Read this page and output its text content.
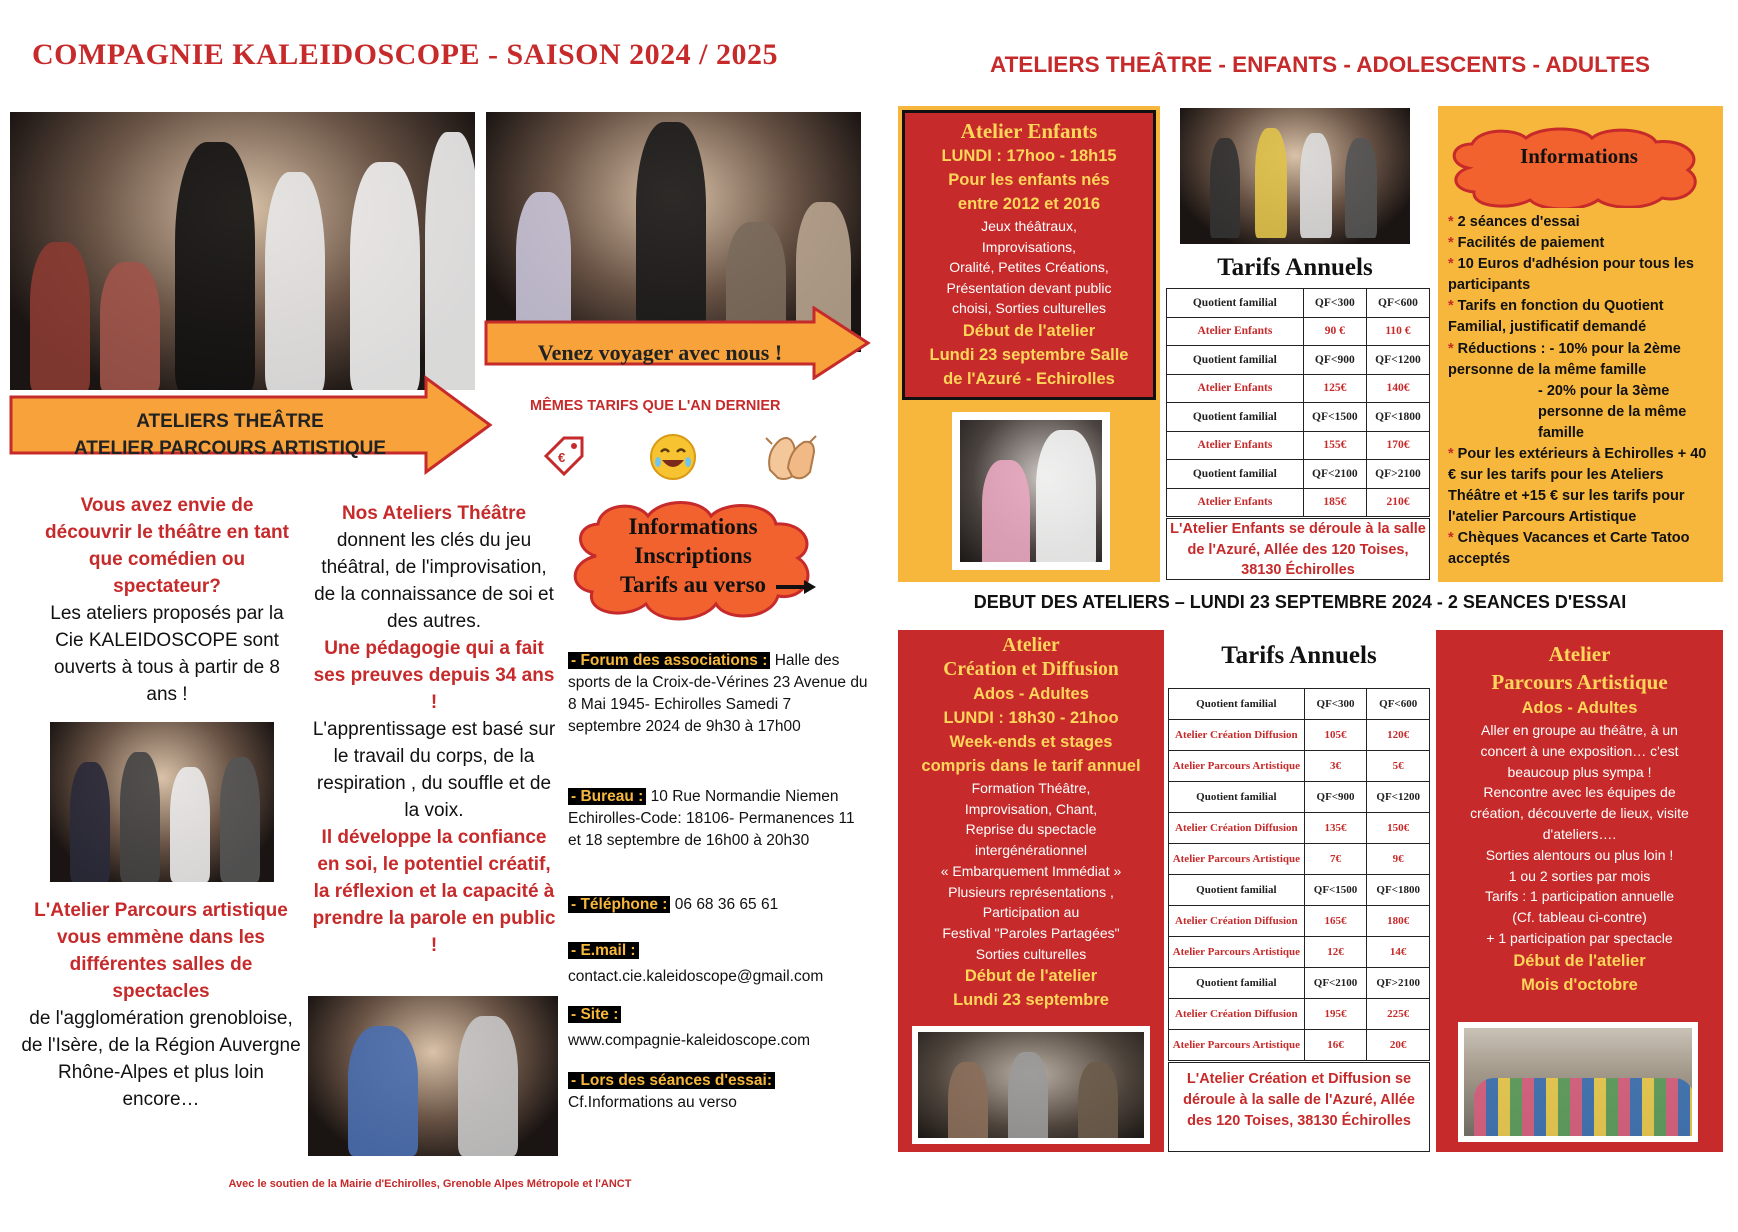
COMPAGNIE KALEIDOSCOPE - SAISON 2024 / 2025
ATELIERS THEÂTRE
ATELIER PARCOURS ARTISTIQUE
Venez voyager avec nous !
MÊMES TARIFS QUE L'AN DERNIER
€
Vous avez envie de découvrir le théâtre en tant que comédien ou spectateur?
Les ateliers proposés par la Cie KALEIDOSCOPE sont ouverts à tous à partir de 8 ans !
L'Atelier Parcours artistique vous emmène dans les différentes salles de spectacles
de l'agglomération grenobloise, de l'Isère, de la Région Auvergne Rhône-Alpes et plus loin encore…
Nos Ateliers Théâtre
donnent les clés du jeu théâtral, de l'improvisation, de la connaissance de soi et des autres.
Une pédagogie qui a fait ses preuves depuis 34 ans !
L'apprentissage est basé sur le travail du corps, de la respiration , du souffle et de la voix.
Il développe la confiance en soi, le potentiel créatif, la réflexion et la capacité à prendre la parole en public !
Informations
Inscriptions
Tarifs au verso
- Forum des associations : Halle des sports de la Croix-de-Vérines 23 Avenue du 8 Mai 1945- Echirolles Samedi 7 septembre 2024 de 9h30 à 17h00
- Bureau : 10 Rue Normandie Niemen Echirolles-Code: 18106- Permanences 11 et 18 septembre de 16h00 à 20h30
- Téléphone : 06 68 36 65 61
- E.mail :
contact.cie.kaleidoscope@gmail.com
- Site :
www.compagnie-kaleidoscope.com
- Lors des séances d'essai:
Cf.Informations au verso
Avec le soutien de la Mairie d'Echirolles, Grenoble Alpes Métropole et l'ANCT
ATELIERS THEÂTRE - ENFANTS - ADOLESCENTS - ADULTES
Atelier Enfants
LUNDI : 17hoo - 18h15
Pour les enfants nés
entre 2012 et 2016
Jeux théâtraux,
Improvisations,
Oralité, Petites Créations,
Présentation devant public
choisi, Sorties culturelles
Début de l'atelier
Lundi 23 septembre Salle
de l'Azuré - Echirolles
Tarifs Annuels
Quotient familial	QF<300	QF<600
Atelier Enfants	90 €	110 €
Quotient familial	QF<900	QF<1200
Atelier Enfants	125€	140€
Quotient familial	QF<1500	QF<1800
Atelier Enfants	155€	170€
Quotient familial	QF<2100	QF>2100
Atelier Enfants	185€	210€
L'Atelier Enfants se déroule à la salle de l'Azuré, Allée des 120 Toises, 38130 Échirolles
Informations
* 2 séances d'essai
* Facilités de paiement
* 10 Euros d'adhésion pour tous les participants
* Tarifs en fonction du Quotient Familial, justificatif demandé
* Réductions : - 10% pour la 2ème personne de la même famille
- 20% pour la 3ème personne de la même famille
* Pour les extérieurs à Echirolles + 40 € sur les tarifs pour les Ateliers Théâtre et +15 € sur les tarifs pour l'atelier Parcours Artistique
* Chèques Vacances et Carte Tatoo acceptés
DEBUT DES ATELIERS – LUNDI 23 SEPTEMBRE 2024 - 2 SEANCES D'ESSAI
Atelier
Création et Diffusion
Ados - Adultes
LUNDI : 18h30 - 21hoo
Week-ends et stages
compris dans le tarif annuel
Formation Théâtre,
Improvisation, Chant,
Reprise du spectacle
intergénérationnel
« Embarquement Immédiat »
Plusieurs représentations ,
Participation au
Festival "Paroles Partagées"
Sorties culturelles
Début de l'atelier
Lundi 23 septembre
Tarifs Annuels
Quotient familial	QF<300	QF<600
Atelier Création Diffusion	105€	120€
Atelier Parcours Artistique	3€	5€
Quotient familial	QF<900	QF<1200
Atelier Création Diffusion	135€	150€
Atelier Parcours Artistique	7€	9€
Quotient familial	QF<1500	QF<1800
Atelier Création Diffusion	165€	180€
Atelier Parcours Artistique	12€	14€
Quotient familial	QF<2100	QF>2100
Atelier Création Diffusion	195€	225€
Atelier Parcours Artistique	16€	20€
L'Atelier Création et Diffusion se déroule à la salle de l'Azuré, Allée des 120 Toises, 38130 Échirolles
Atelier
Parcours Artistique
Ados - Adultes
Aller en groupe au théâtre, à un
concert à une exposition… c'est
beaucoup plus sympa !
Rencontre avec les équipes de
création, découverte de lieux, visite
d'ateliers….
Sorties alentours ou plus loin !
1 ou 2 sorties par mois
Tarifs : 1 participation annuelle
(Cf. tableau ci-contre)
+ 1 participation par spectacle
Début de l'atelier
Mois d'octobre
